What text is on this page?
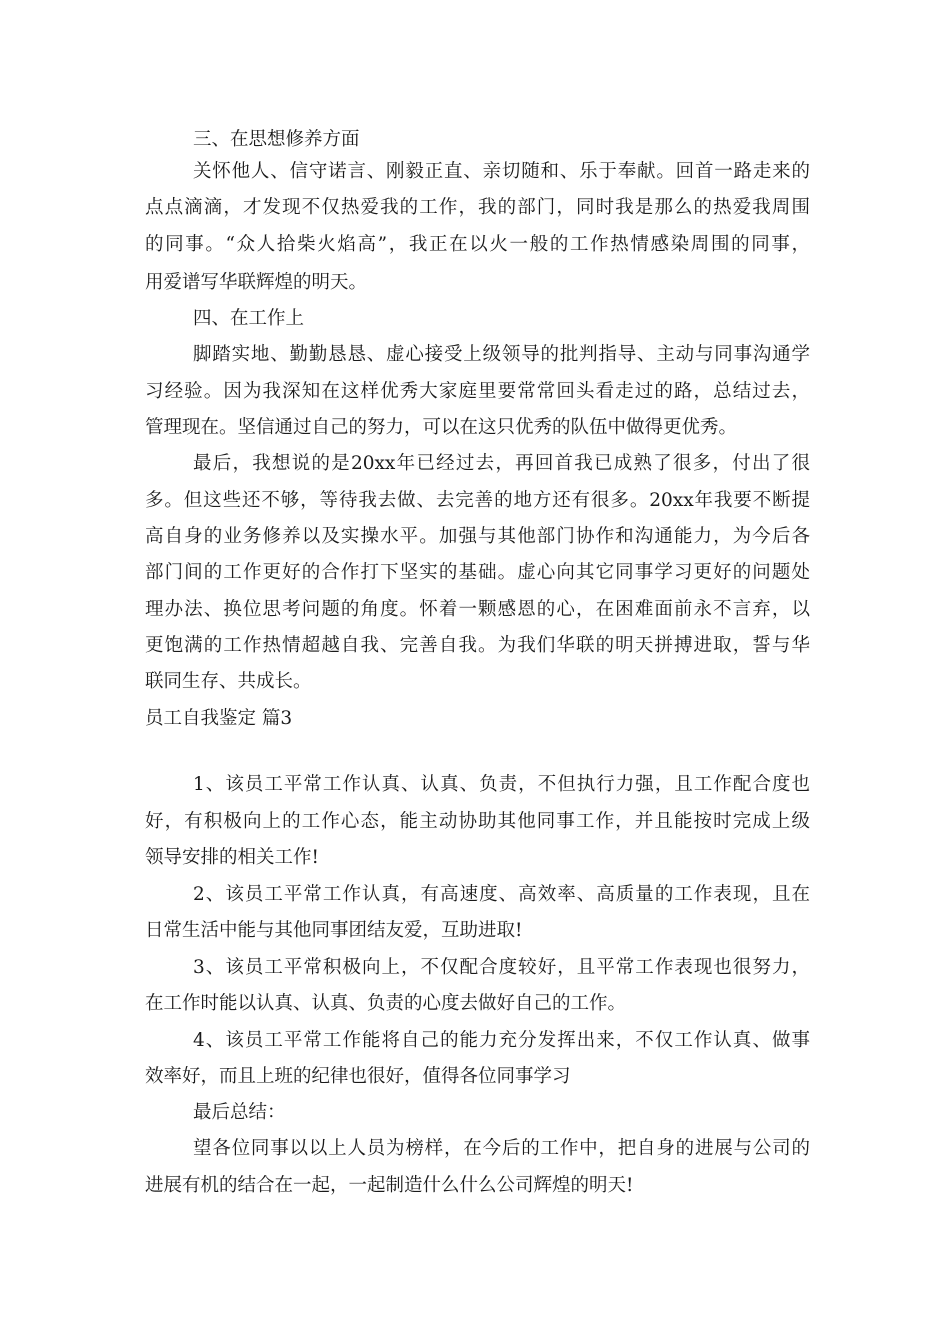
三、在思想修养方面
关怀他人、信守诺言、刚毅正直、亲切随和、乐于奉献。回首一路走来的
点点滴滴，才发现不仅热爱我的工作，我的部门，同时我是那么的热爱我周围
的同事。“众人拾柴火焰高”，我正在以火一般的工作热情感染周围的同事，
用爱谱写华联辉煌的明天。
四、在工作上
脚踏实地、勤勤恳恳、虚心接受上级领导的批判指导、主动与同事沟通学
习经验。因为我深知在这样优秀大家庭里要常常回头看走过的路，总结过去，
管理现在。坚信通过自己的努力，可以在这只优秀的队伍中做得更优秀。
最后，我想说的是20xx年已经过去，再回首我已成熟了很多，付出了很
多。但这些还不够，等待我去做、去完善的地方还有很多。20xx年我要不断提
高自身的业务修养以及实操水平。加强与其他部门协作和沟通能力，为今后各
部门间的工作更好的合作打下坚实的基础。虚心向其它同事学习更好的问题处
理办法、换位思考问题的角度。怀着一颗感恩的心，在困难面前永不言弃，以
更饱满的工作热情超越自我、完善自我。为我们华联的明天拼搏进取，誓与华
联同生存、共成长。
员工自我鉴定 篇3
1、该员工平常工作认真、认真、负责，不但执行力强，且工作配合度也
好，有积极向上的工作心态，能主动协助其他同事工作，并且能按时完成上级
领导安排的相关工作!
2、该员工平常工作认真，有高速度、高效率、高质量的工作表现，且在
日常生活中能与其他同事团结友爱，互助进取!
3、该员工平常积极向上，不仅配合度较好，且平常工作表现也很努力，
在工作时能以认真、认真、负责的心度去做好自己的工作。
4、该员工平常工作能将自己的能力充分发挥出来，不仅工作认真、做事
效率好，而且上班的纪律也很好，值得各位同事学习
最后总结：
望各位同事以以上人员为榜样，在今后的工作中，把自身的进展与公司的
进展有机的结合在一起，一起制造什么什么公司辉煌的明天!
